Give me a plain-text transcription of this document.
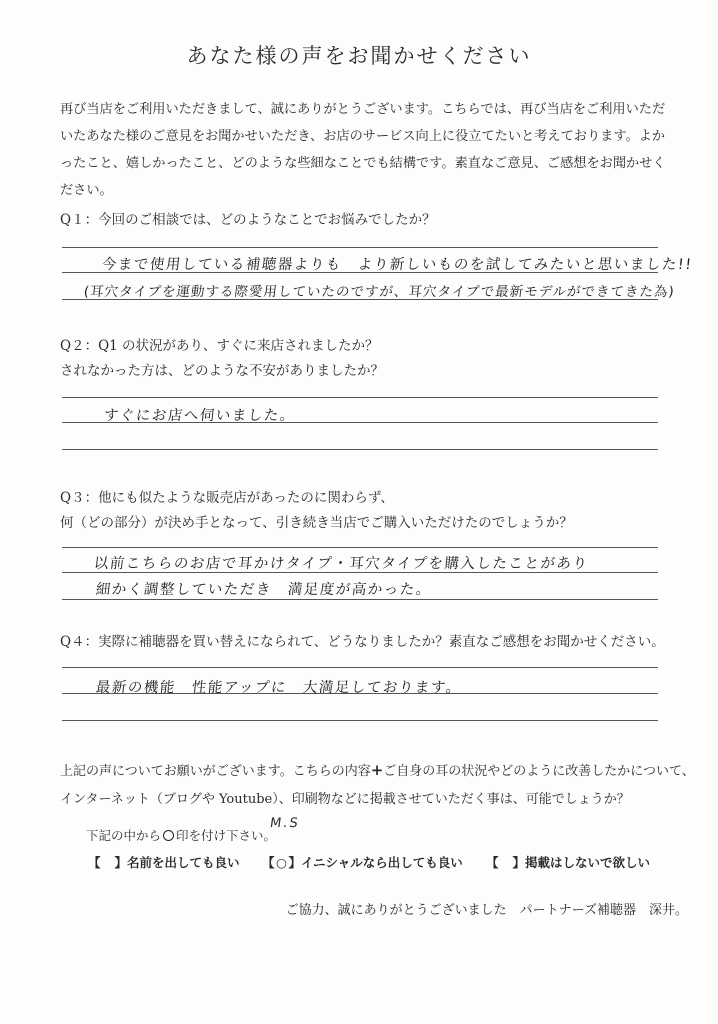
あなた様の声をお聞かせください
再び当店をご利用いただきまして、誠にありがとうございます。こちらでは、再び当店をご利用いただいたあなた様のご意見をお聞かせいただき、お店のサービス向上に役立てたいと考えております。よかったこと、嬉しかったこと、どのような些細なことでも結構です。素直なご意見、ご感想をお聞かせください。
Q１：今回のご相談では、どのようなことでお悩みでしたか？
今まで使用している補聴器よりも　より新しいものを試してみたいと思いました!!
(耳穴タイプを運動する際愛用していたのですが、耳穴タイプで最新モデルができてきた為)
Q２：Q1 の状況があり、すぐに来店されましたか？
されなかった方は、どのような不安がありましたか？
すぐにお店へ伺いました。
Q３：他にも似たような販売店があったのに関わらず、
何（どの部分）が決め手となって、引き続き当店でご購入いただけたのでしょうか？
以前こちらのお店で耳かけタイプ・耳穴タイプを購入したことがあり
細かく調整していただき　満足度が高かった。
Q４：実際に補聴器を買い替えになられて、どうなりましたか？素直なご感想をお聞かせください。
最新の機能　性能アップに　大満足しております。
上記の声についてお願いがございます。こちらの内容+ご自身の耳の状況やどのように改善したかについて、
インターネット（ブログや Youtube）、印刷物などに掲載させていただく事は、可能でしょうか？
下記の中から 印を付け下さい。
M.S
【 】名前を出しても良い 【 ○ 】イニシャルなら出しても良い 【 】掲載はしないで欲しい
ご協力、誠にありがとうございました　パートナーズ補聴器　深井。
